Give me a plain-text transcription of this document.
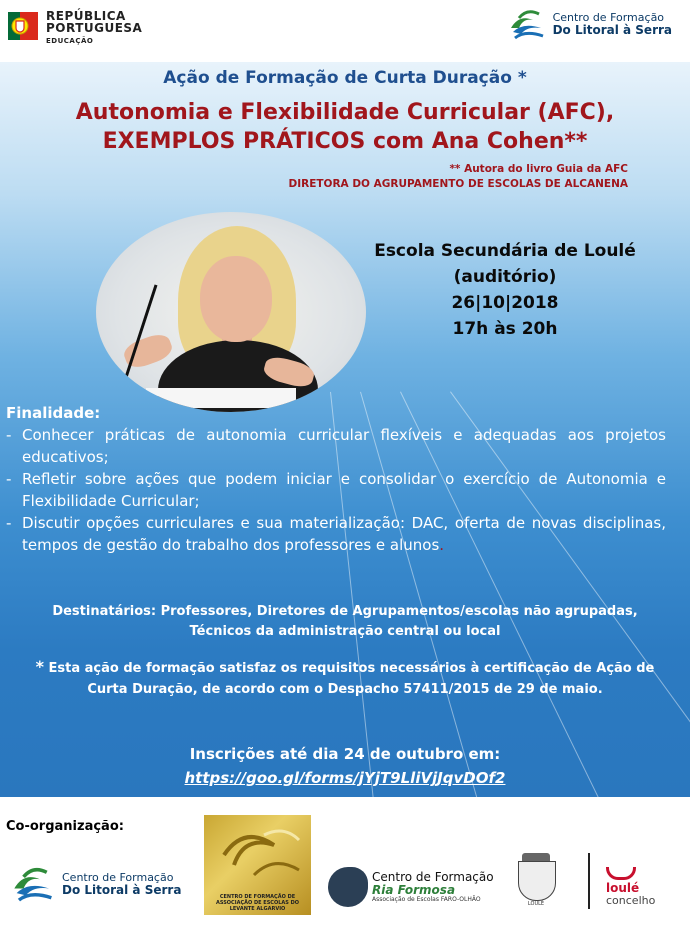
REPÚBLICA
PORTUGUESA
EDUCAÇÃO
Centro de Formação
Do Litoral à Serra
Ação de Formação de Curta Duração *
Autonomia e Flexibilidade Curricular (AFC),
EXEMPLOS PRÁTICOS com Ana Cohen**
** Autora do livro Guia da AFC
DIRETORA DO AGRUPAMENTO DE ESCOLAS DE ALCANENA
Escola Secundária de Loulé
(auditório)
26|10|2018
17h às 20h
Finalidade:
- Conhecer práticas de autonomia curricular flexíveis e adequadas aos projetos educativos;
- Refletir sobre ações que podem iniciar e consolidar o exercício de Autonomia e Flexibilidade Curricular;
- Discutir opções curriculares e sua materialização: DAC, oferta de novas disciplinas, tempos de gestão do trabalho dos professores e alunos.
Destinatários: Professores, Diretores de Agrupamentos/escolas não agrupadas,
Técnicos da administração central ou local
* Esta ação de formação satisfaz os requisitos necessários à certificação de Ação de Curta Duração, de acordo com o Despacho 57411/2015 de 29 de maio.
Inscrições até dia 24 de outubro em:
https://goo.gl/forms/jYjT9LliVjJqvDOf2
Co-organização:
Centro de Formação
Do Litoral à Serra	CENTRO DE FORMAÇÃO DE ASSOCIAÇÃO DE ESCOLAS DO LEVANTE ALGARVIO
Centro de Formação
Ria Formosa
Associação de Escolas FARO-OLHÃO
LOULÉ
loulé
concelho
